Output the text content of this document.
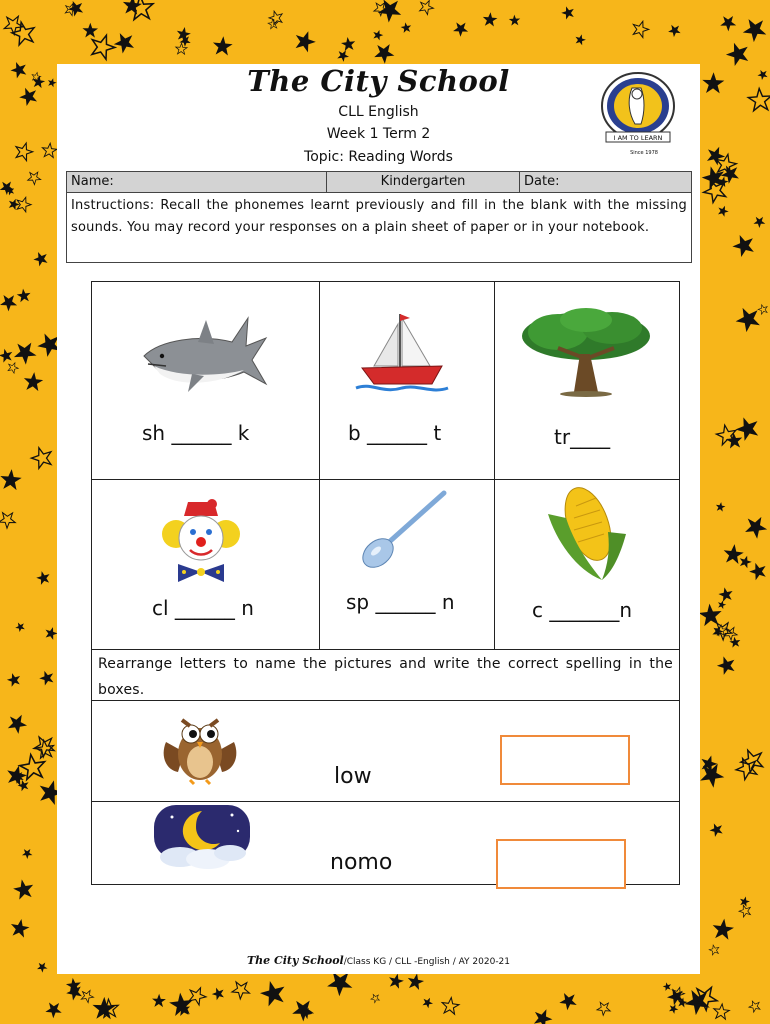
The City School
CLL English
Week 1 Term 2
Topic: Reading Words
I AM TO LEARN
Since 1978
Name:	Kindergarten	Date:
Instructions: Recall the phonemes learnt previously and fill in the blank with the missing sounds. You may record your responses on a plain sheet of paper or in your notebook.
sh ______ k	b ______ t	tr____
cl ______ n	sp ______ n	c _______n
Rearrange letters to name the pictures and write the correct spelling in the boxes.
low
nomo
The City School/Class KG / CLL -English / AY 2020-21
